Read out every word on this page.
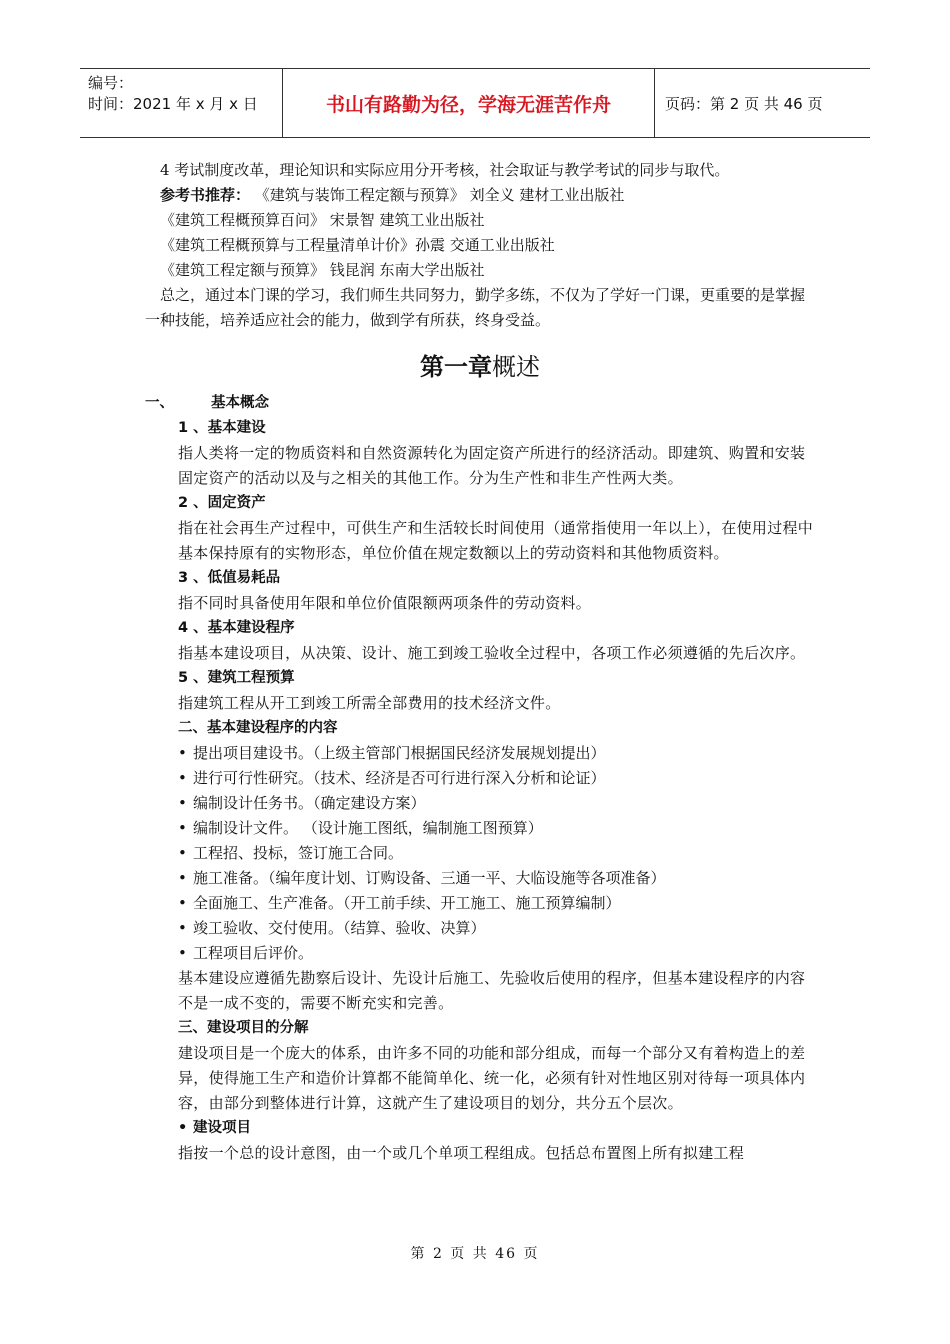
编号：
时间：2021 年 x 月 x 日	书山有路勤为径，学海无涯苦作舟	页码：第 2 页 共 46 页

4 考试制度改革，理论知识和实际应用分开考核，社会取证与教学考试的同步与取代。

参考书推荐： 《建筑与装饰工程定额与预算》 刘全义 建材工业出版社

《建筑工程概预算百问》 宋景智 建筑工业出版社

《建筑工程概预算与工程量清单计价》孙震 交通工业出版社

《建筑工程定额与预算》 钱昆润 东南大学出版社

总之，通过本门课的学习，我们师生共同努力，勤学多练，不仅为了学好一门课，更重要的是掌握一种技能，培养适应社会的能力，做到学有所获，终身受益。

第一章概述
一、	基本概念
1 、基本建设
指人类将一定的物质资料和自然资源转化为固定资产所进行的经济活动。即建筑、购置和安装固定资产的活动以及与之相关的其他工作。分为生产性和非生产性两大类。
2 、固定资产
指在社会再生产过程中，可供生产和生活较长时间使用（通常指使用一年以上），在使用过程中基本保持原有的实物形态，单位价值在规定数额以上的劳动资料和其他物质资料。
3 、低值易耗品
指不同时具备使用年限和单位价值限额两项条件的劳动资料。
4 、基本建设程序
指基本建设项目，从决策、设计、施工到竣工验收全过程中，各项工作必须遵循的先后次序。
5 、建筑工程预算
指建筑工程从开工到竣工所需全部费用的技术经济文件。
二、基本建设程序的内容
• 提出项目建设书。（上级主管部门根据国民经济发展规划提出）
• 进行可行性研究。（技术、经济是否可行进行深入分析和论证）
• 编制设计任务书。（确定建设方案）
• 编制设计文件。 （设计施工图纸，编制施工图预算）
• 工程招、投标，签订施工合同。
• 施工准备。（编年度计划、订购设备、三通一平、大临设施等各项准备）
• 全面施工、生产准备。（开工前手续、开工施工、施工预算编制）
• 竣工验收、交付使用。（结算、验收、决算）
• 工程项目后评价。
基本建设应遵循先勘察后设计、先设计后施工、先验收后使用的程序，但基本建设程序的内容不是一成不变的，需要不断充实和完善。
三、建设项目的分解
建设项目是一个庞大的体系，由许多不同的功能和部分组成，而每一个部分又有着构造上的差异，使得施工生产和造价计算都不能简单化、统一化，必须有针对性地区别对待每一项具体内容，由部分到整体进行计算，这就产生了建设项目的划分，共分五个层次。
• 建设项目
指按一个总的设计意图，由一个或几个单项工程组成。包括总布置图上所有拟建工程
第 2 页 共 46 页
